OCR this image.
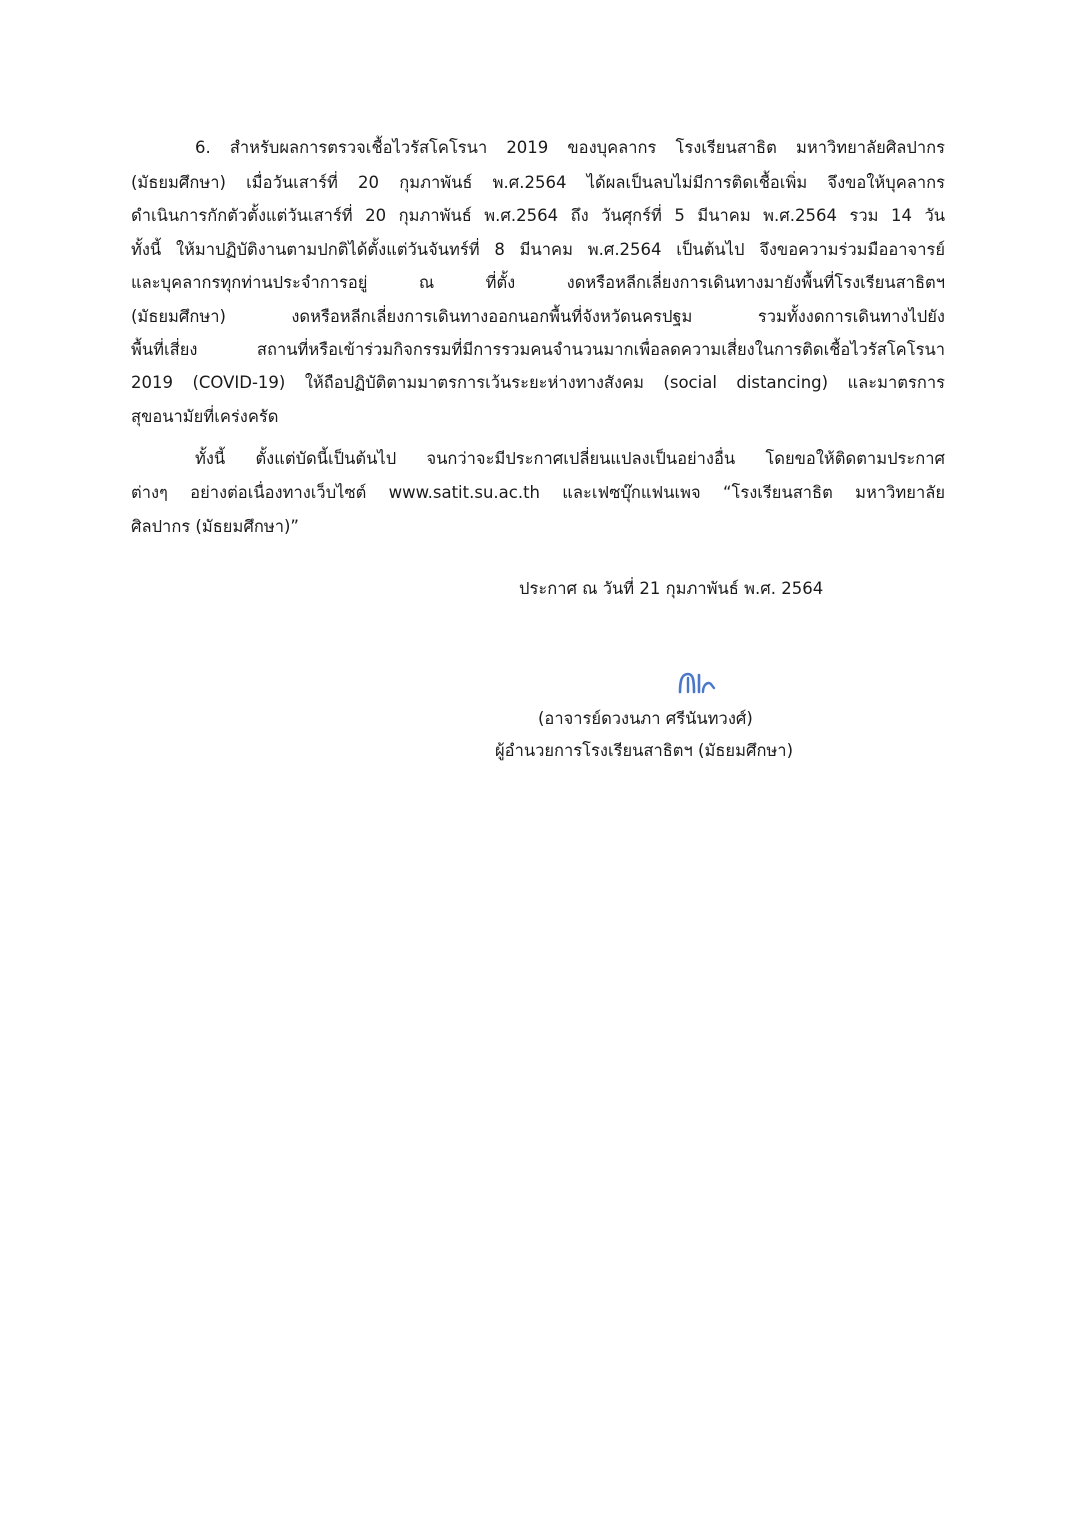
6. สำหรับผลการตรวจเชื้อไวรัสโคโรนา 2019 ของบุคลากร โรงเรียนสาธิต มหาวิทยาลัยศิลปากร
(มัธยมศึกษา) เมื่อวันเสาร์ที่ 20 กุมภาพันธ์ พ.ศ.2564 ได้ผลเป็นลบไม่มีการติดเชื้อเพิ่ม จึงขอให้บุคลากร
ดำเนินการกักตัวตั้งแต่วันเสาร์ที่ 20 กุมภาพันธ์ พ.ศ.2564 ถึง วันศุกร์ที่ 5 มีนาคม พ.ศ.2564 รวม 14 วัน
ทั้งนี้ ให้มาปฏิบัติงานตามปกติได้ตั้งแต่วันจันทร์ที่ 8 มีนาคม พ.ศ.2564 เป็นต้นไป จึงขอความร่วมมืออาจารย์
และบุคลากรทุกท่านประจำการอยู่ ณ ที่ตั้ง งดหรือหลีกเลี่ยงการเดินทางมายังพื้นที่โรงเรียนสาธิตฯ
(มัธยมศึกษา) งดหรือหลีกเลี่ยงการเดินทางออกนอกพื้นที่จังหวัดนครปฐม รวมทั้งงดการเดินทางไปยัง
พื้นที่เสี่ยง สถานที่หรือเข้าร่วมกิจกรรมที่มีการรวมคนจำนวนมากเพื่อลดความเสี่ยงในการติดเชื้อไวรัสโคโรนา
2019 (COVID-19) ให้ถือปฏิบัติตามมาตรการเว้นระยะห่างทางสังคม (social distancing) และมาตรการ
สุขอนามัยที่เคร่งครัด
ทั้งนี้ ตั้งแต่บัดนี้เป็นต้นไป จนกว่าจะมีประกาศเปลี่ยนแปลงเป็นอย่างอื่น โดยขอให้ติดตามประกาศ
ต่างๆ อย่างต่อเนื่องทางเว็บไซต์ www.satit.su.ac.th และเฟซบุ๊กแฟนเพจ “โรงเรียนสาธิต มหาวิทยาลัย
ศิลปากร (มัธยมศึกษา)”
ประกาศ ณ วันที่ 21 กุมภาพันธ์ พ.ศ. 2564
(อาจารย์ดวงนภา ศรีนันทวงศ์)
ผู้อำนวยการโรงเรียนสาธิตฯ (มัธยมศึกษา)
